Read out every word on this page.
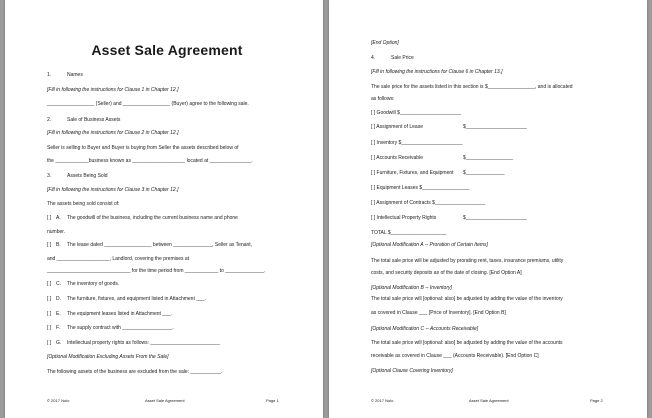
Asset Sale Agreement
1.	Names
[Fill in following the instructions for Clause 1 in Chapter 12.]
_________________ (Seller) and _________________ (Buyer) agree to the following sale.
2.	Sale of Business Assets
[Fill in following the instructions for Clause 2 in Chapter 12.]
Seller is selling to Buyer and Buyer is buying from Seller the assets described below of
the ____________business known as ___________________ located at _______________.
3.	Assets Being Sold
[Fill in following the instructions for Clause 3 in Chapter 12.]
The assets being sold consist of:
[ ] A. The goodwill of the business, including the current business name and phone
number.
[ ] B. The lease dated _________________ between ______________, Seller as Tenant,
and ___________________, Landlord, covering the premises at
______________________________ for the time period from ____________ to ______________.
[ ] C. The inventory of goods.
[ ] D. The furniture, fixtures, and equipment listed in Attachment ___.
[ ] E. The equipment leases listed in Attachment ___.
[ ] F. The supply contract with __________________.
[ ] G. Intellectual property rights as follows: _________________________
[Optional Modification Excluding Assets From the Sale]
The following assets of the business are excluded from the sale: ___________.
© 2017 Nolo	Asset Sale Agreement	Page 1
[End Option]
4.	Sale Price
[Fill in following the instructions for Clause 6 in Chapter 13.]
The sale price for the assets listed in this section is $_________________, and is allocated
as follows:
[ ] Goodwill $______________________
[ ] Assignment of Lease	$______________________
[ ] Inventory $______________________
[ ] Accounts Receivable	$_________________
[ ] Furniture, Fixtures, and Equipment $______________
[ ] Equipment Leases $_________________
[ ] Assignment of Contracts $__________________
[ ] Intellectual Property Rights	$______________________
TOTAL $____________________
[Optional Modification A -- Proration of Certain Items]
The total sale price will be adjusted by prorating rent, taxes, insurance premiums, utility
costs, and security deposits as of the date of closing. [End Option A]
[Optional Modification B -- Inventory]
The total sale price will [optional: also] be adjusted by adding the value of the inventory
as covered in Clause ___ [Price of Inventory]. [End Option B]
[Optional Modification C -- Accounts Receivable]
The total sale price will [optional: also] be adjusted by adding the value of the accounts
receivable as covered in Clause ___ (Accounts Receivable). [End Option C]
[Optional Clause Covering Inventory]
© 2017 Nolo	Asset Sale Agreement	Page 2
